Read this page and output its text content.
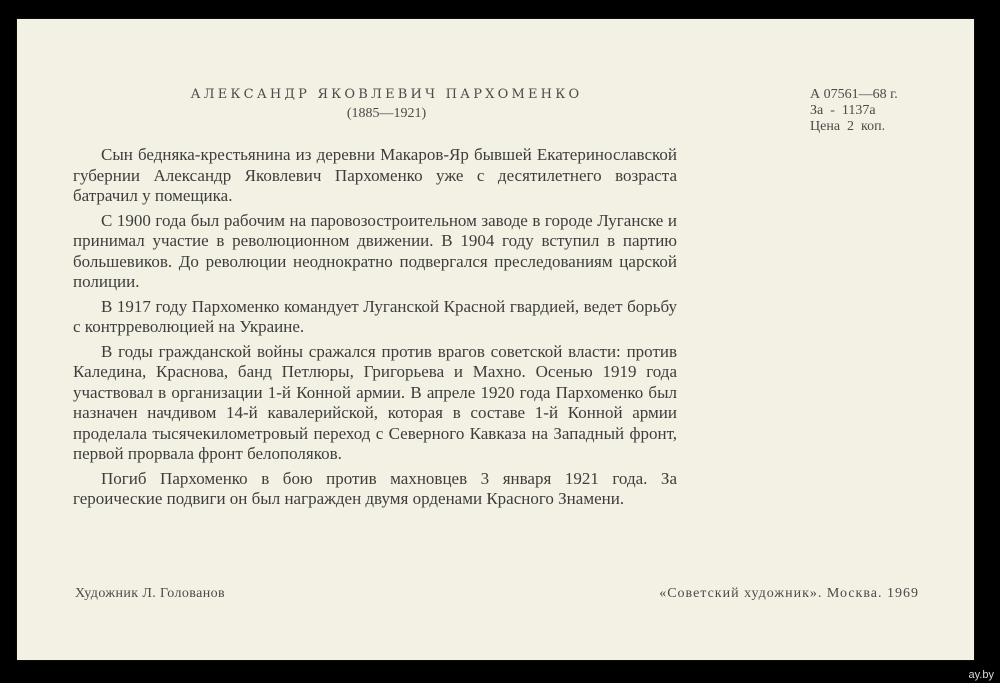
АЛЕКСАНДР ЯКОВЛЕВИЧ ПАРХОМЕНКО
(1885—1921)
А 07561—68 г.
За  -  1137а
Цена  2  коп.

Сын бедняка-крестьянина из деревни Макаров-Яр бывшей Екатеринославской губернии Александр Яковлевич Пархоменко уже с десятилетнего возраста батрачил у помещика.

С 1900 года был рабочим на паровозостроительном заводе в городе Луганске и принимал участие в революционном движении. В 1904 году вступил в партию большевиков. До революции неоднократно подвергался преследованиям царской полиции.

В 1917 году Пархоменко командует Луганской Красной гвардией, ведет борьбу с контрреволюцией на Украине.

В годы гражданской войны сражался против врагов советской власти: против Каледина, Краснова, банд Петлюры, Григорьева и Махно. Осенью 1919 года участвовал в организации 1-й Конной армии. В апреле 1920 года Пархоменко был назначен начдивом 14-й кавалерийской, которая в составе 1-й Конной армии проделала тысячекилометровый переход с Северного Кавказа на Западный фронт, первой прорвала фронт белополяков.

Погиб Пархоменко в бою против махновцев 3 января 1921 года. За героические подвиги он был награжден двумя орденами Красного Знамени.

Художник Л. Голованов	«Советский художник». Москва. 1969
ay.by
